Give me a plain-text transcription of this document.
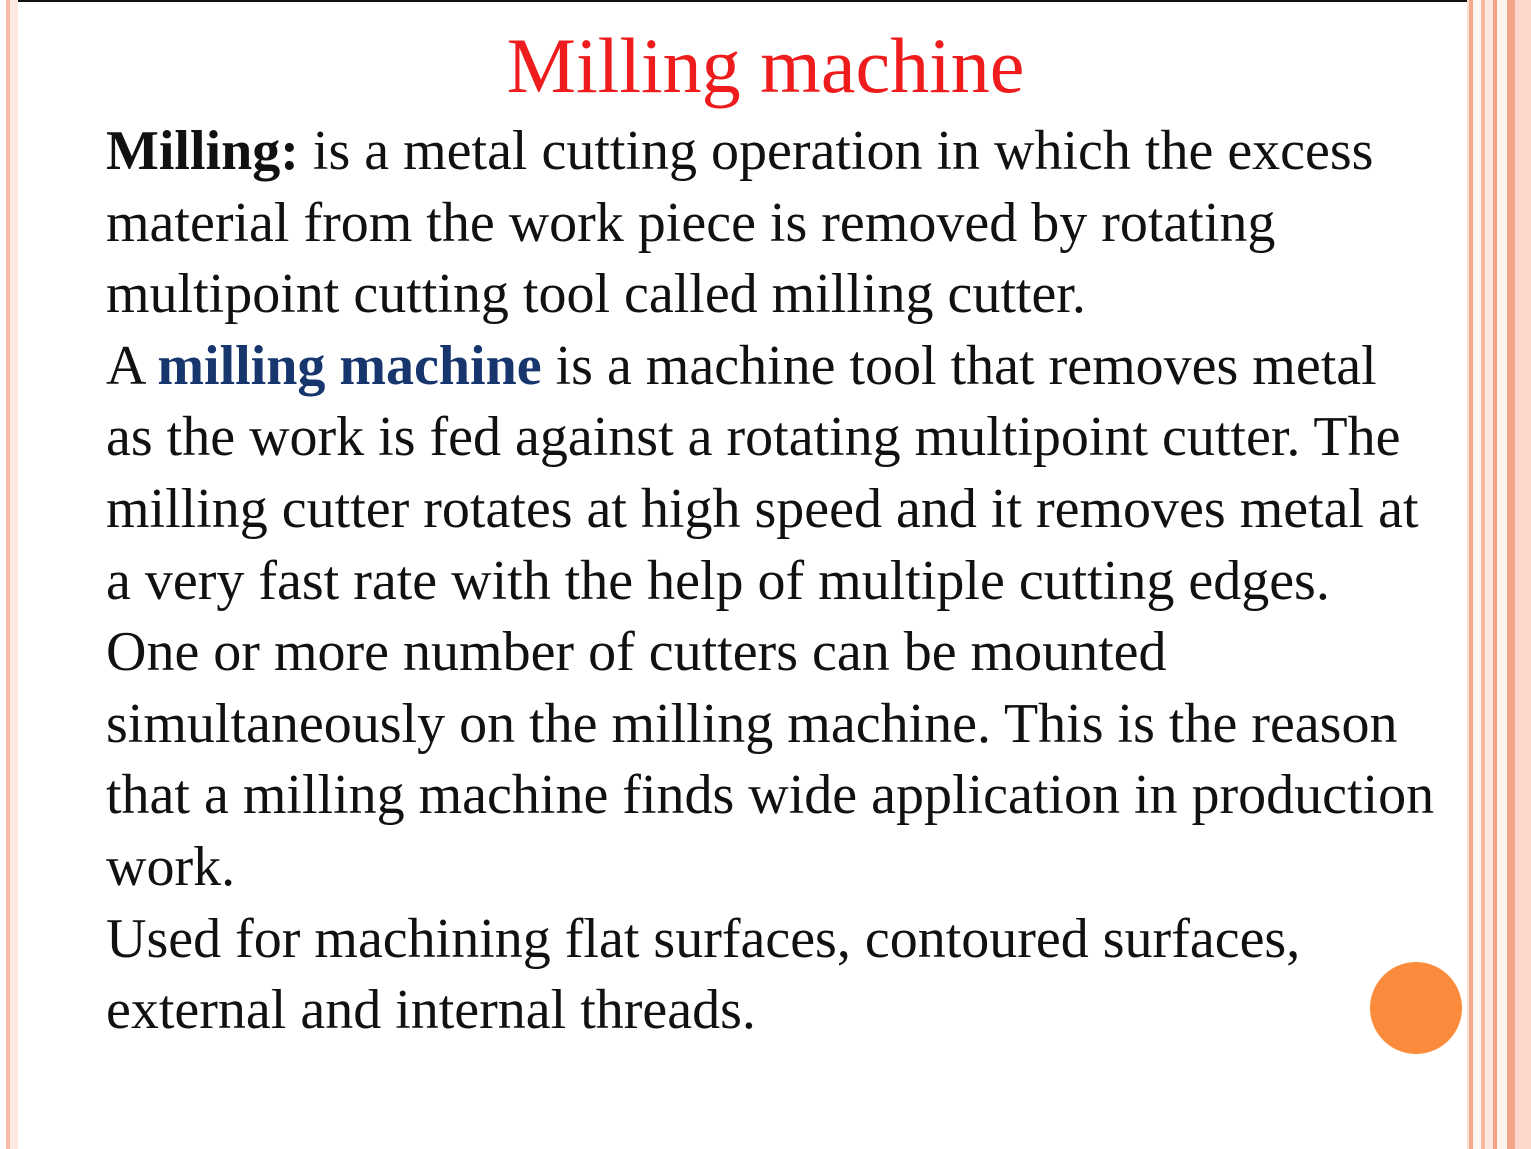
Milling machine

Milling: is a metal cutting operation in which the excess material from the work piece is removed by rotating multipoint cutting tool called milling cutter.

A milling machine is a machine tool that removes metal as the work is fed against a rotating multipoint cutter. The milling cutter rotates at high speed and it removes metal at a very fast rate with the help of multiple cutting edges.

One or more number of cutters can be mounted simultaneously on the milling machine. This is the reason that a milling machine finds wide application in production work.

Used for machining flat surfaces, contoured surfaces, external and internal threads.
